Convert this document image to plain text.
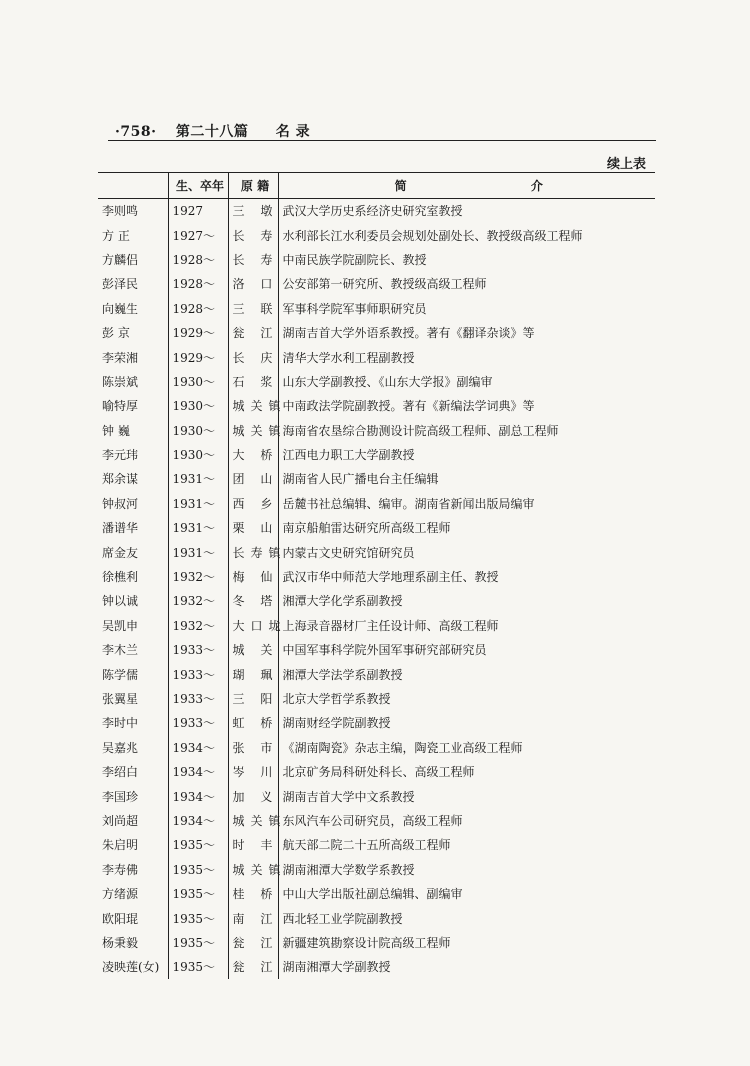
·758· 第二十八篇 名 录
续上表
	生、卒年	原 籍	简 介
李则鸣	1927	三 墩	武汉大学历史系经济史研究室教授
方 正	1927～	长 寿	水利部长江水利委员会规划处副处长、教授级高级工程师
方麟侣	1928～	长 寿	中南民族学院副院长、教授
彭泽民	1928～	洛 口	公安部第一研究所、教授级高级工程师
向巍生	1928～	三 联	军事科学院军事师职研究员
彭 京	1929～	瓮 江	湖南吉首大学外语系教授。著有《翻译杂谈》等
李荣湘	1929～	长 庆	清华大学水利工程副教授
陈崇斌	1930～	石 浆	山东大学副教授、《山东大学报》副编审
喻特厚	1930～	城关镇	中南政法学院副教授。著有《新编法学词典》等
钟 巍	1930～	城关镇	海南省农垦综合勘测设计院高级工程师、副总工程师
李元玮	1930～	大 桥	江西电力职工大学副教授
郑余谋	1931～	团 山	湖南省人民广播电台主任编辑
钟叔河	1931～	西 乡	岳麓书社总编辑、编审。湖南省新闻出版局编审
潘谱华	1931～	栗 山	南京船舶雷达研究所高级工程师
席金友	1931～	长寿镇	内蒙古文史研究馆研究员
徐樵利	1932～	梅 仙	武汉市华中师范大学地理系副主任、教授
钟以诚	1932～	冬 塔	湘潭大学化学系副教授
吴凯申	1932～	大口垅	上海录音器材厂主任设计师、高级工程师
李木兰	1933～	城 关	中国军事科学院外国军事研究部研究员
陈学儒	1933～	瑚 珮	湘潭大学法学系副教授
张翼星	1933～	三 阳	北京大学哲学系教授
李时中	1933～	虹 桥	湖南财经学院副教授
吴嘉兆	1934～	张 市	《湖南陶瓷》杂志主编，陶瓷工业高级工程师
李绍白	1934～	岑 川	北京矿务局科研处科长、高级工程师
李国珍	1934～	加 义	湖南吉首大学中文系教授
刘尚超	1934～	城关镇	东风汽车公司研究员，高级工程师
朱启明	1935～	时 丰	航天部二院二十五所高级工程师
李寿佛	1935～	城关镇	湖南湘潭大学数学系教授
方绪源	1935～	桂 桥	中山大学出版社副总编辑、副编审
欧阳琨	1935～	南 江	西北轻工业学院副教授
杨秉毅	1935～	瓮 江	新疆建筑勘察设计院高级工程师
凌映莲(女)	1935～	瓮 江	湖南湘潭大学副教授
